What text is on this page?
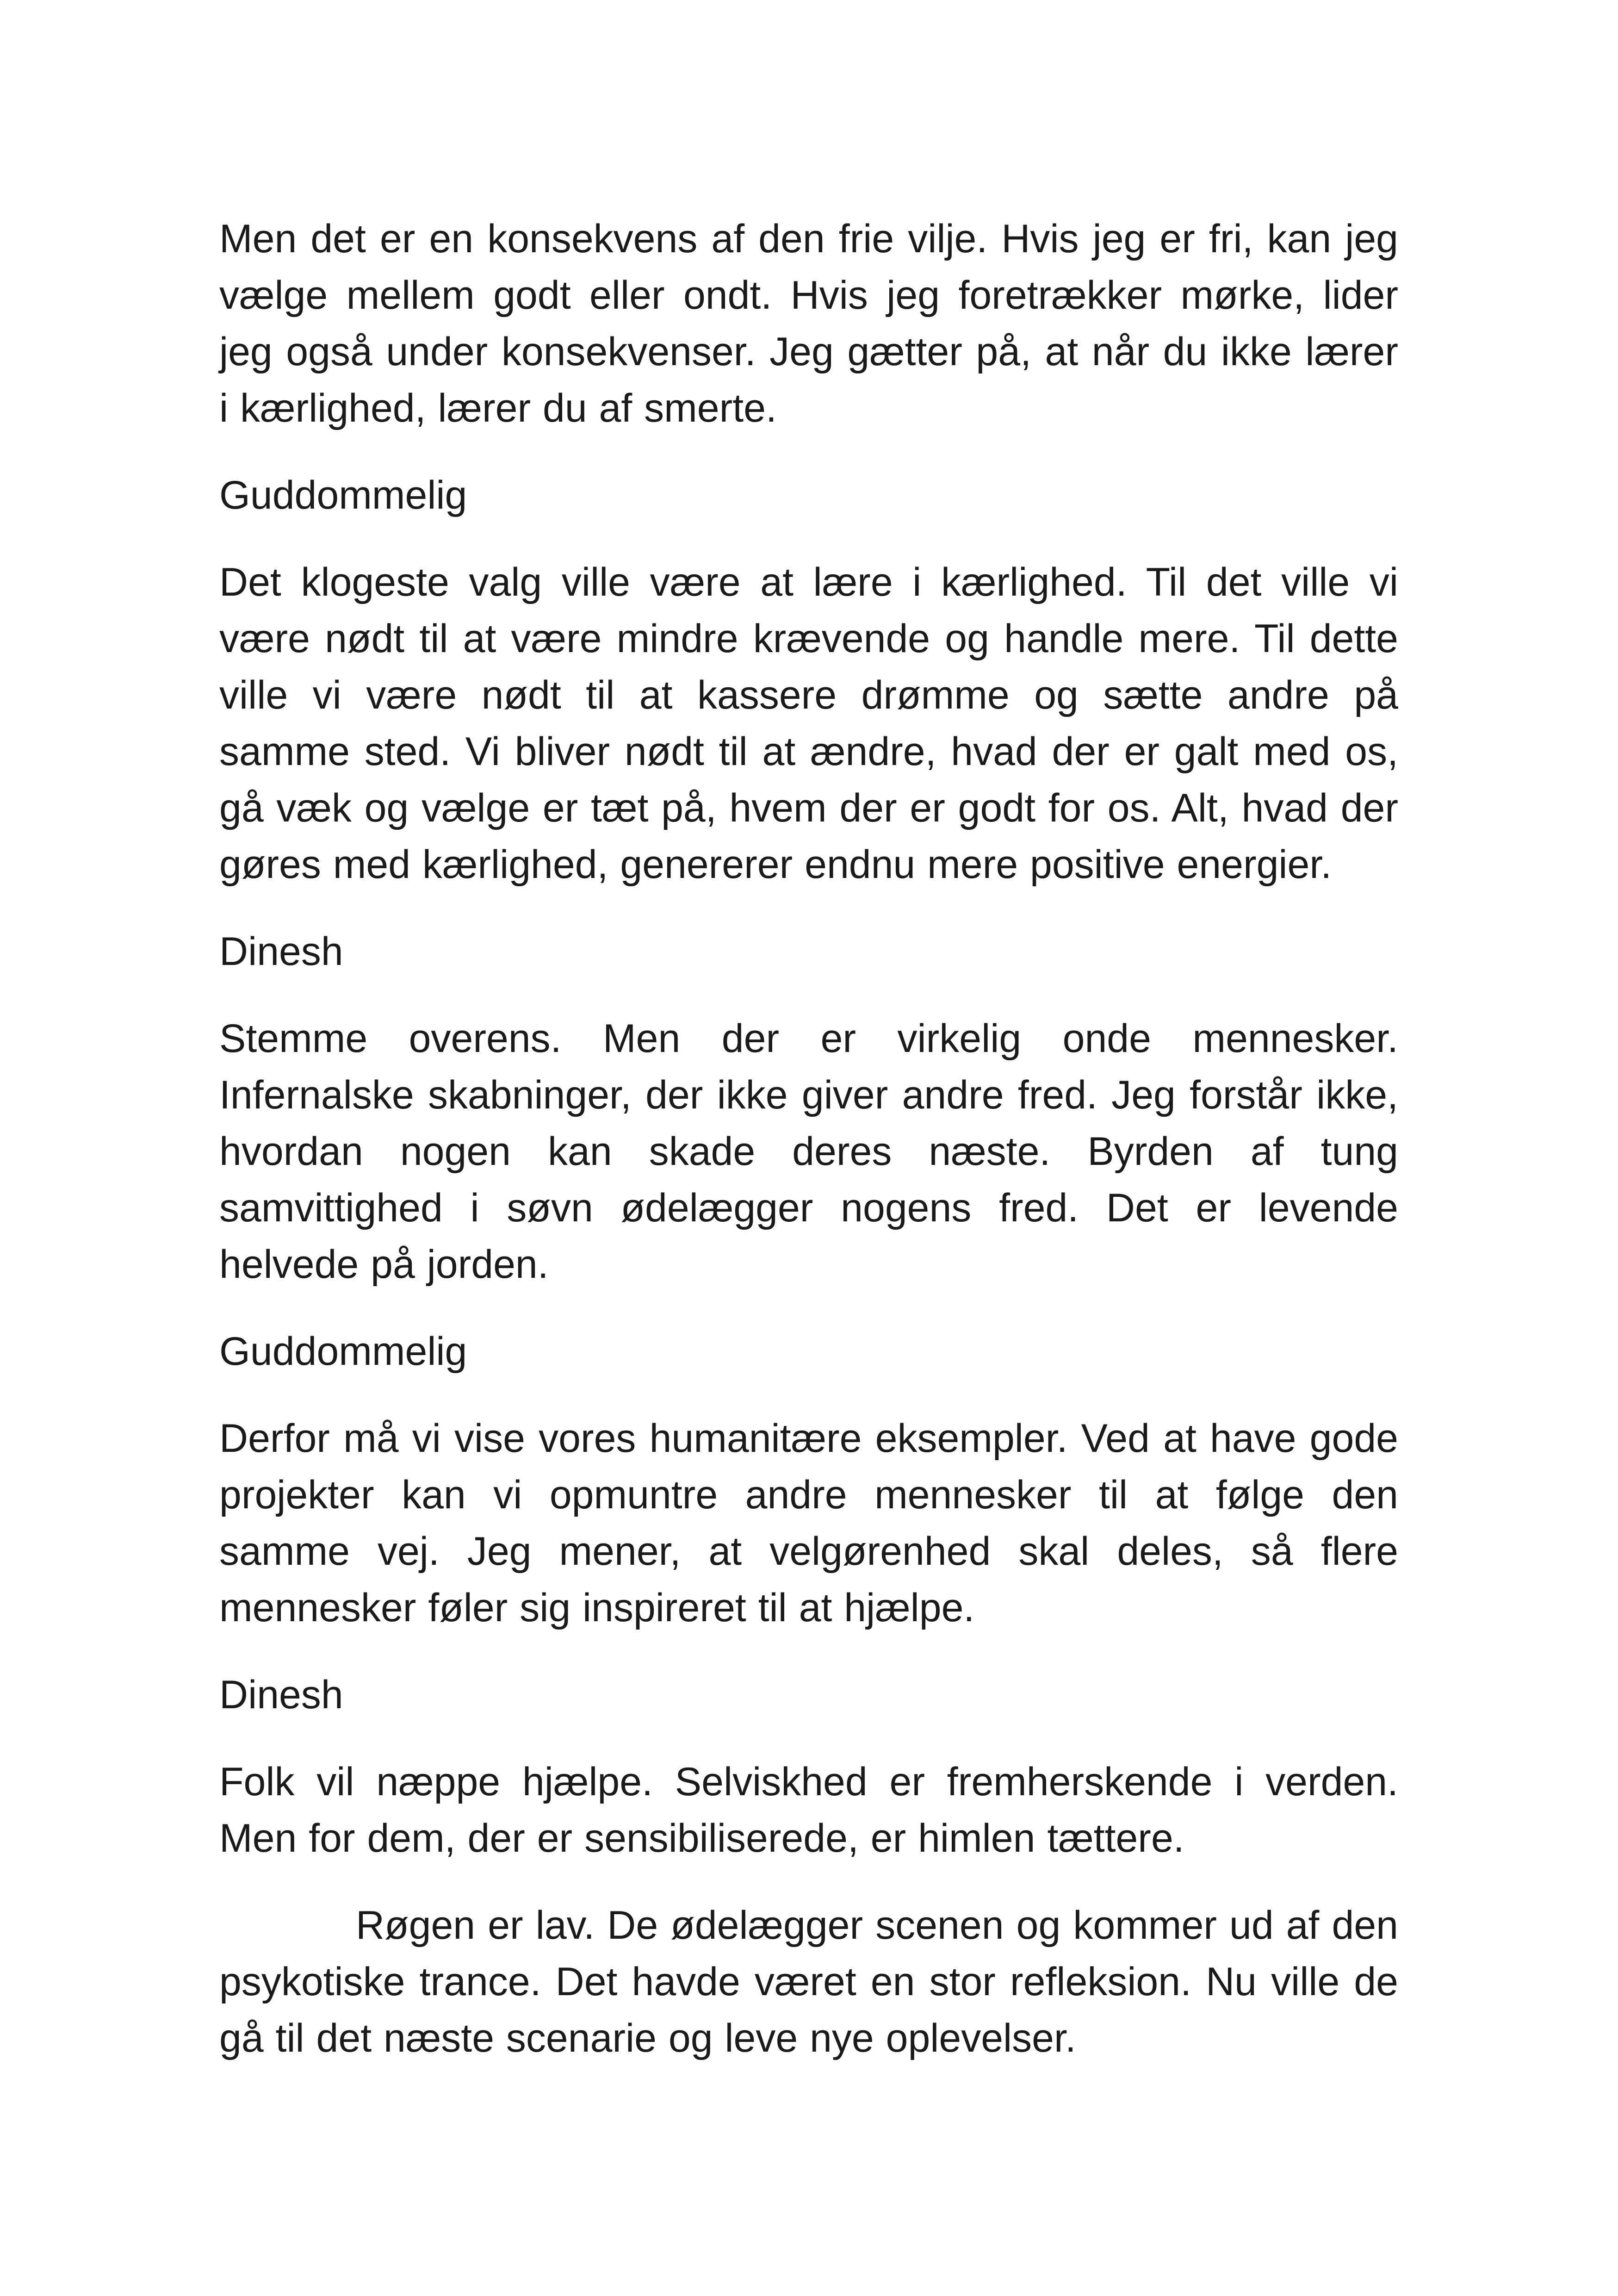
Men det er en konsekvens af den frie vilje. Hvis jeg er fri, kan jeg vælge mellem godt eller ondt. Hvis jeg foretrækker mørke, lider jeg også under konsekvenser. Jeg gætter på, at når du ikke lærer i kærlighed, lærer du af smerte.

Guddommelig

Det klogeste valg ville være at lære i kærlighed. Til det ville vi være nødt til at være mindre krævende og handle mere. Til dette ville vi være nødt til at kassere drømme og sætte andre på samme sted. Vi bliver nødt til at ændre, hvad der er galt med os, gå væk og vælge er tæt på, hvem der er godt for os. Alt, hvad der gøres med kærlighed, genererer endnu mere positive energier.

Dinesh

Stemme overens. Men der er virkelig onde mennesker. Infernalske skabninger, der ikke giver andre fred. Jeg forstår ikke, hvordan nogen kan skade deres næste. Byrden af tung samvittighed i søvn ødelægger nogens fred. Det er levende helvede på jorden.

Guddommelig

Derfor må vi vise vores humanitære eksempler. Ved at have gode projekter kan vi opmuntre andre mennesker til at følge den samme vej. Jeg mener, at velgørenhed skal deles, så flere mennesker føler sig inspireret til at hjælpe.

Dinesh

Folk vil næppe hjælpe. Selviskhed er fremherskende i verden. Men for dem, der er sensibiliserede, er himlen tættere.

Røgen er lav. De ødelægger scenen og kommer ud af den psykotiske trance. Det havde været en stor refleksion. Nu ville de gå til det næste scenarie og leve nye oplevelser.
